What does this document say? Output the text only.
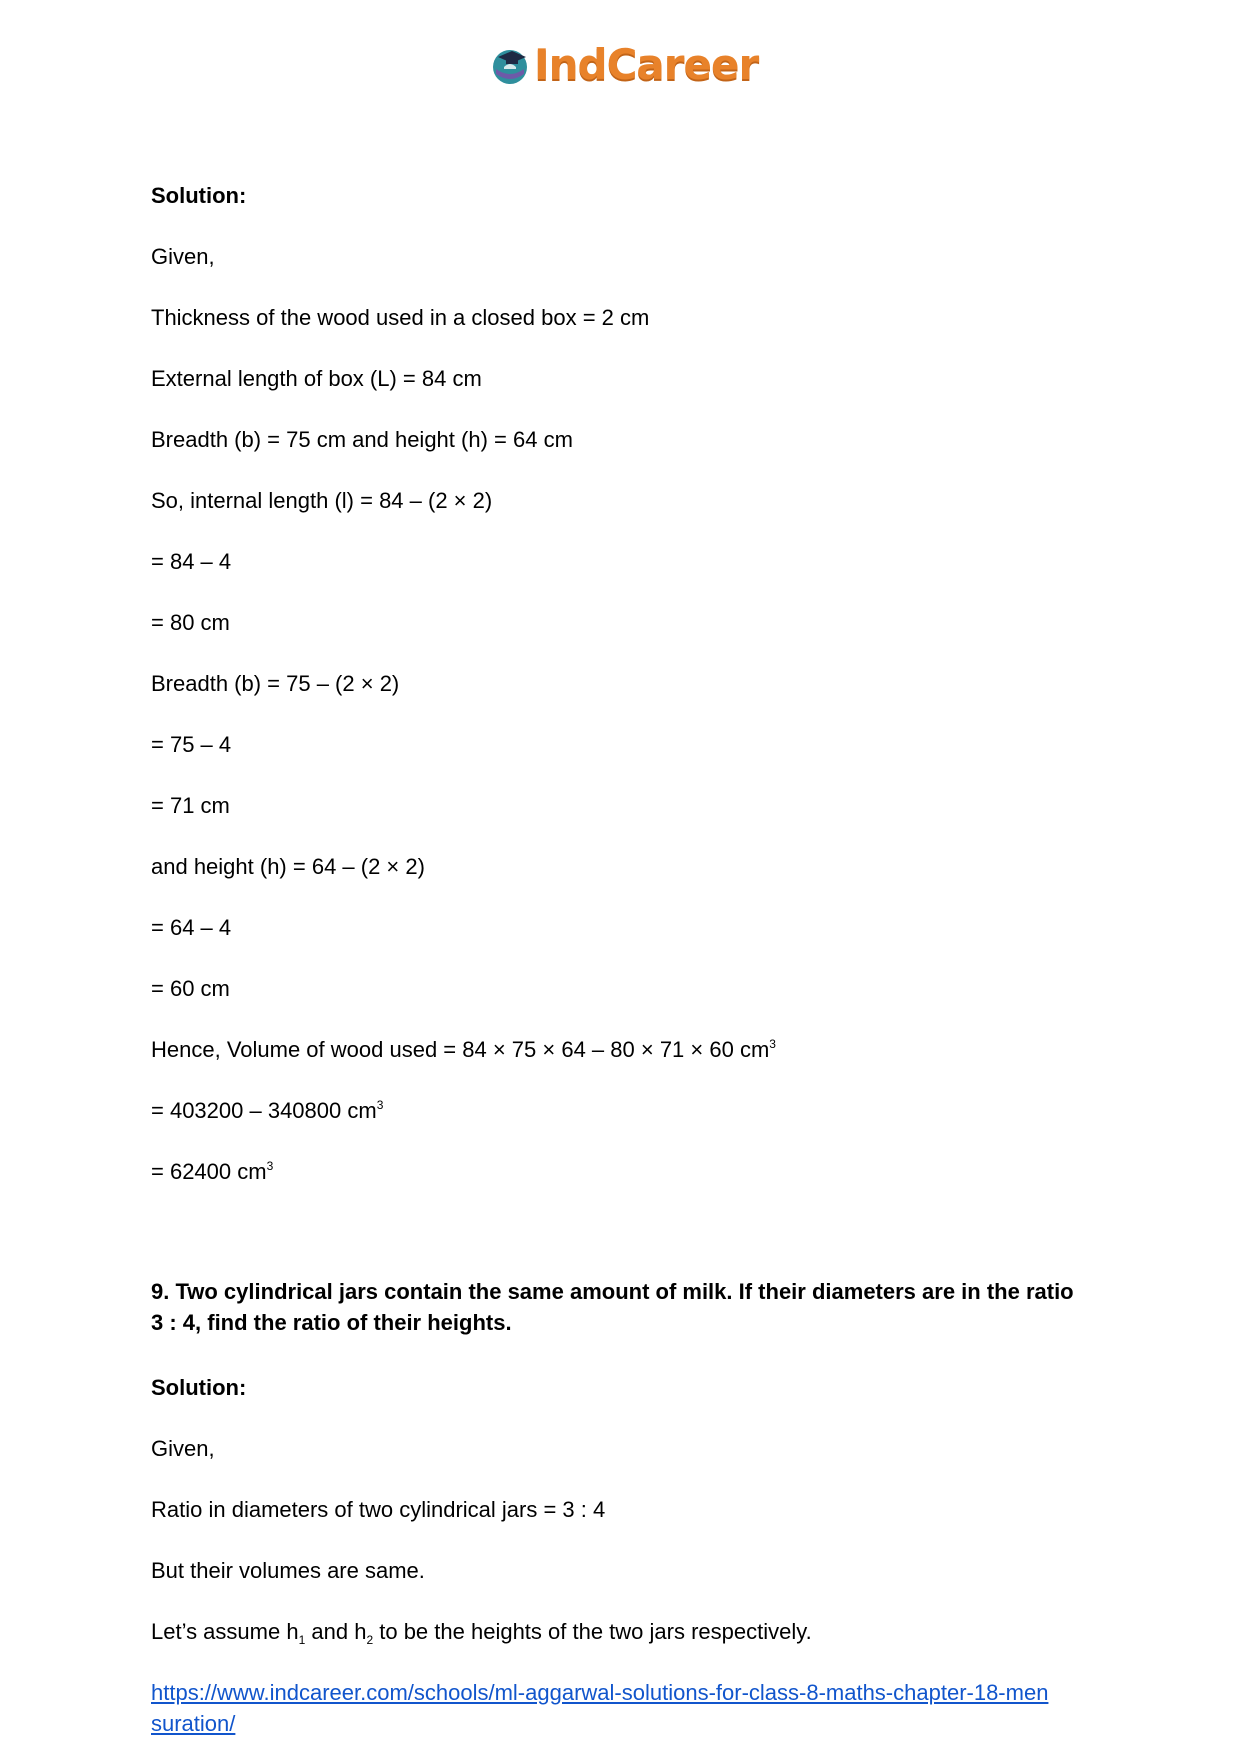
IndCareer
Solution:
Given,
Thickness of the wood used in a closed box = 2 cm
External length of box (L) = 84 cm
Breadth (b) = 75 cm and height (h) = 64 cm
So, internal length (l) = 84 – (2 × 2)
= 84 – 4
= 80 cm
Breadth (b) = 75 – (2 × 2)
= 75 – 4
= 71 cm
and height (h) = 64 – (2 × 2)
= 64 – 4
= 60 cm
Hence, Volume of wood used = 84 × 75 × 64 – 80 × 71 × 60 $cm^3$
= 403200 – 340800 $cm^3$
= 62400 $cm^3$
9. Two cylindrical jars contain the same amount of milk. If their diameters are in the ratio 3 : 4, find the ratio of their heights.
Solution:
Given,
Ratio in diameters of two cylindrical jars = 3 : 4
But their volumes are same.
Let’s assume $h_1$ and $h_2$ to be the heights of the two jars respectively.
https://www.indcareer.com/schools/ml-aggarwal-solutions-for-class-8-maths-chapter-18-men
suration/
